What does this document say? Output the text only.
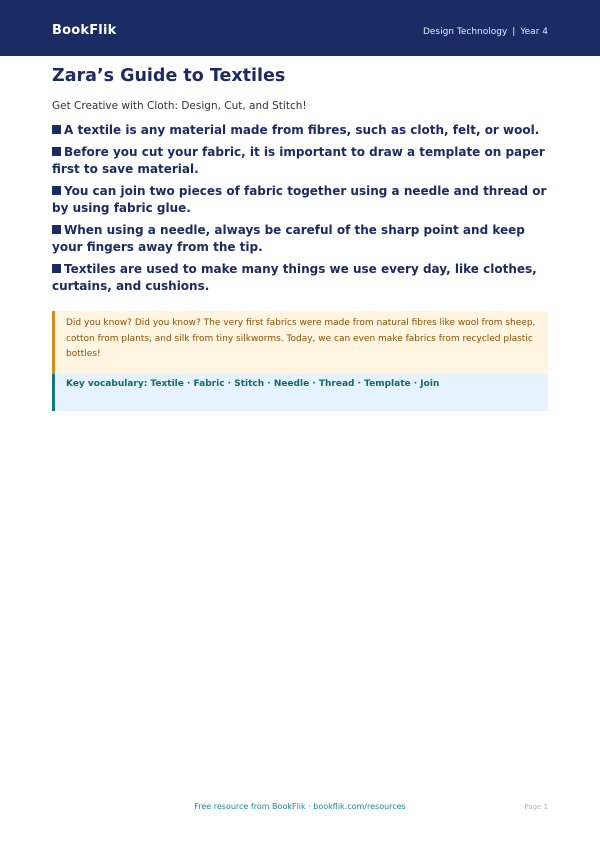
BookFlik	Design Technology | Year 4
Zara’s Guide to Textiles
Get Creative with Cloth: Design, Cut, and Stitch!
A textile is any material made from fibres, such as cloth, felt, or wool.
Before you cut your fabric, it is important to draw a template on paper first to save material.
You can join two pieces of fabric together using a needle and thread or by using fabric glue.
When using a needle, always be careful of the sharp point and keep your fingers away from the tip.
Textiles are used to make many things we use every day, like clothes, curtains, and cushions.
Did you know? Did you know? The very first fabrics were made from natural fibres like wool from sheep, cotton from plants, and silk from tiny silkworms. Today, we can even make fabrics from recycled plastic bottles!
Key vocabulary: Textile · Fabric · Stitch · Needle · Thread · Template · Join
Free resource from BookFlik · bookflik.com/resources	Page 1
